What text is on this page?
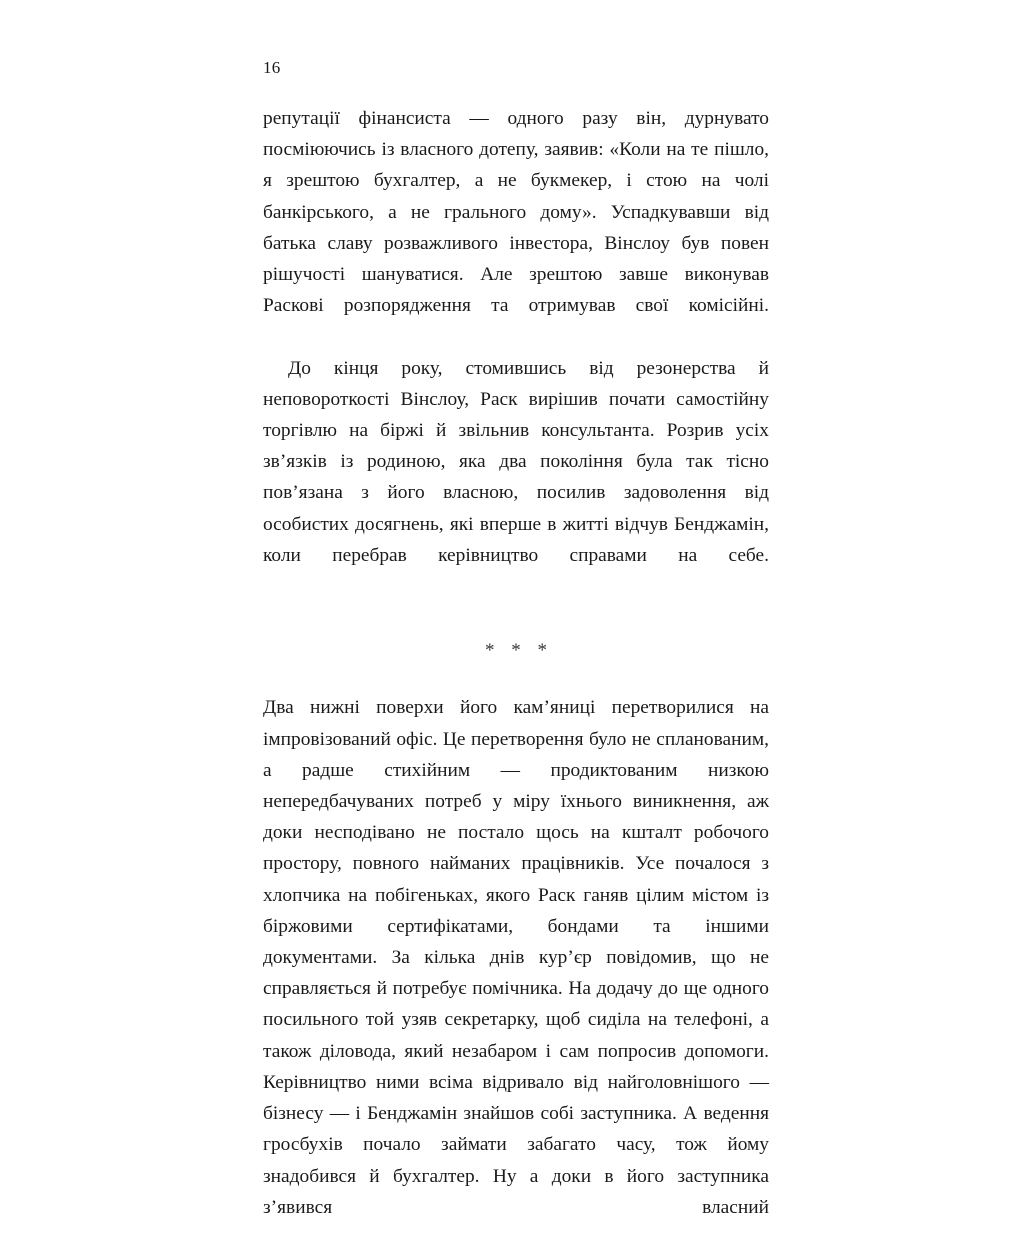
16

репутації фінансиста — одного разу він, дурнувато посміюючись із власного дотепу, заявив: «Коли на те пішло, я зрештою бухгалтер, а не букмекер, і стою на чолі банкірського, а не грального дому». Успадкувавши від батька славу розважливого інвестора, Вінслоу був повен рішучості шануватися. Але зрештою завше виконував Раскові розпорядження та отримував свої комісійні.

До кінця року, стомившись від резонерства й неповороткості Вінслоу, Раск вирішив почати самостійну торгівлю на біржі й звільнив консультанта. Розрив усіх зв’язків із родиною, яка два покоління була так тісно пов’язана з його власною, посилив задоволення від особистих досягнень, які вперше в житті відчув Бенджамін, коли перебрав керівництво справами на себе.

* * *

Два нижні поверхи його кам’яниці перетворилися на імпровізований офіс. Це перетворення було не спланованим, а радше стихійним — продиктованим низкою непередбачуваних потреб у міру їхнього виникнення, аж доки несподівано не постало щось на кшталт робочого простору, повного найманих працівників. Усе почалося з хлопчика на побігеньках, якого Раск ганяв цілим містом із біржовими сертифікатами, бондами та іншими документами. За кілька днів кур’єр повідомив, що не справляється й потребує помічника. На додачу до ще одного посильного той узяв секретарку, щоб сиділа на телефоні, а також діловода, який незабаром і сам попросив допомоги. Керівництво ними всіма відривало від найголовнішого — бізнесу — і Бенджамін знайшов собі заступника. А ведення гросбухів почало займати забагато часу, тож йому знадобився й бухгалтер. Ну а доки в його заступника з’явився власний
